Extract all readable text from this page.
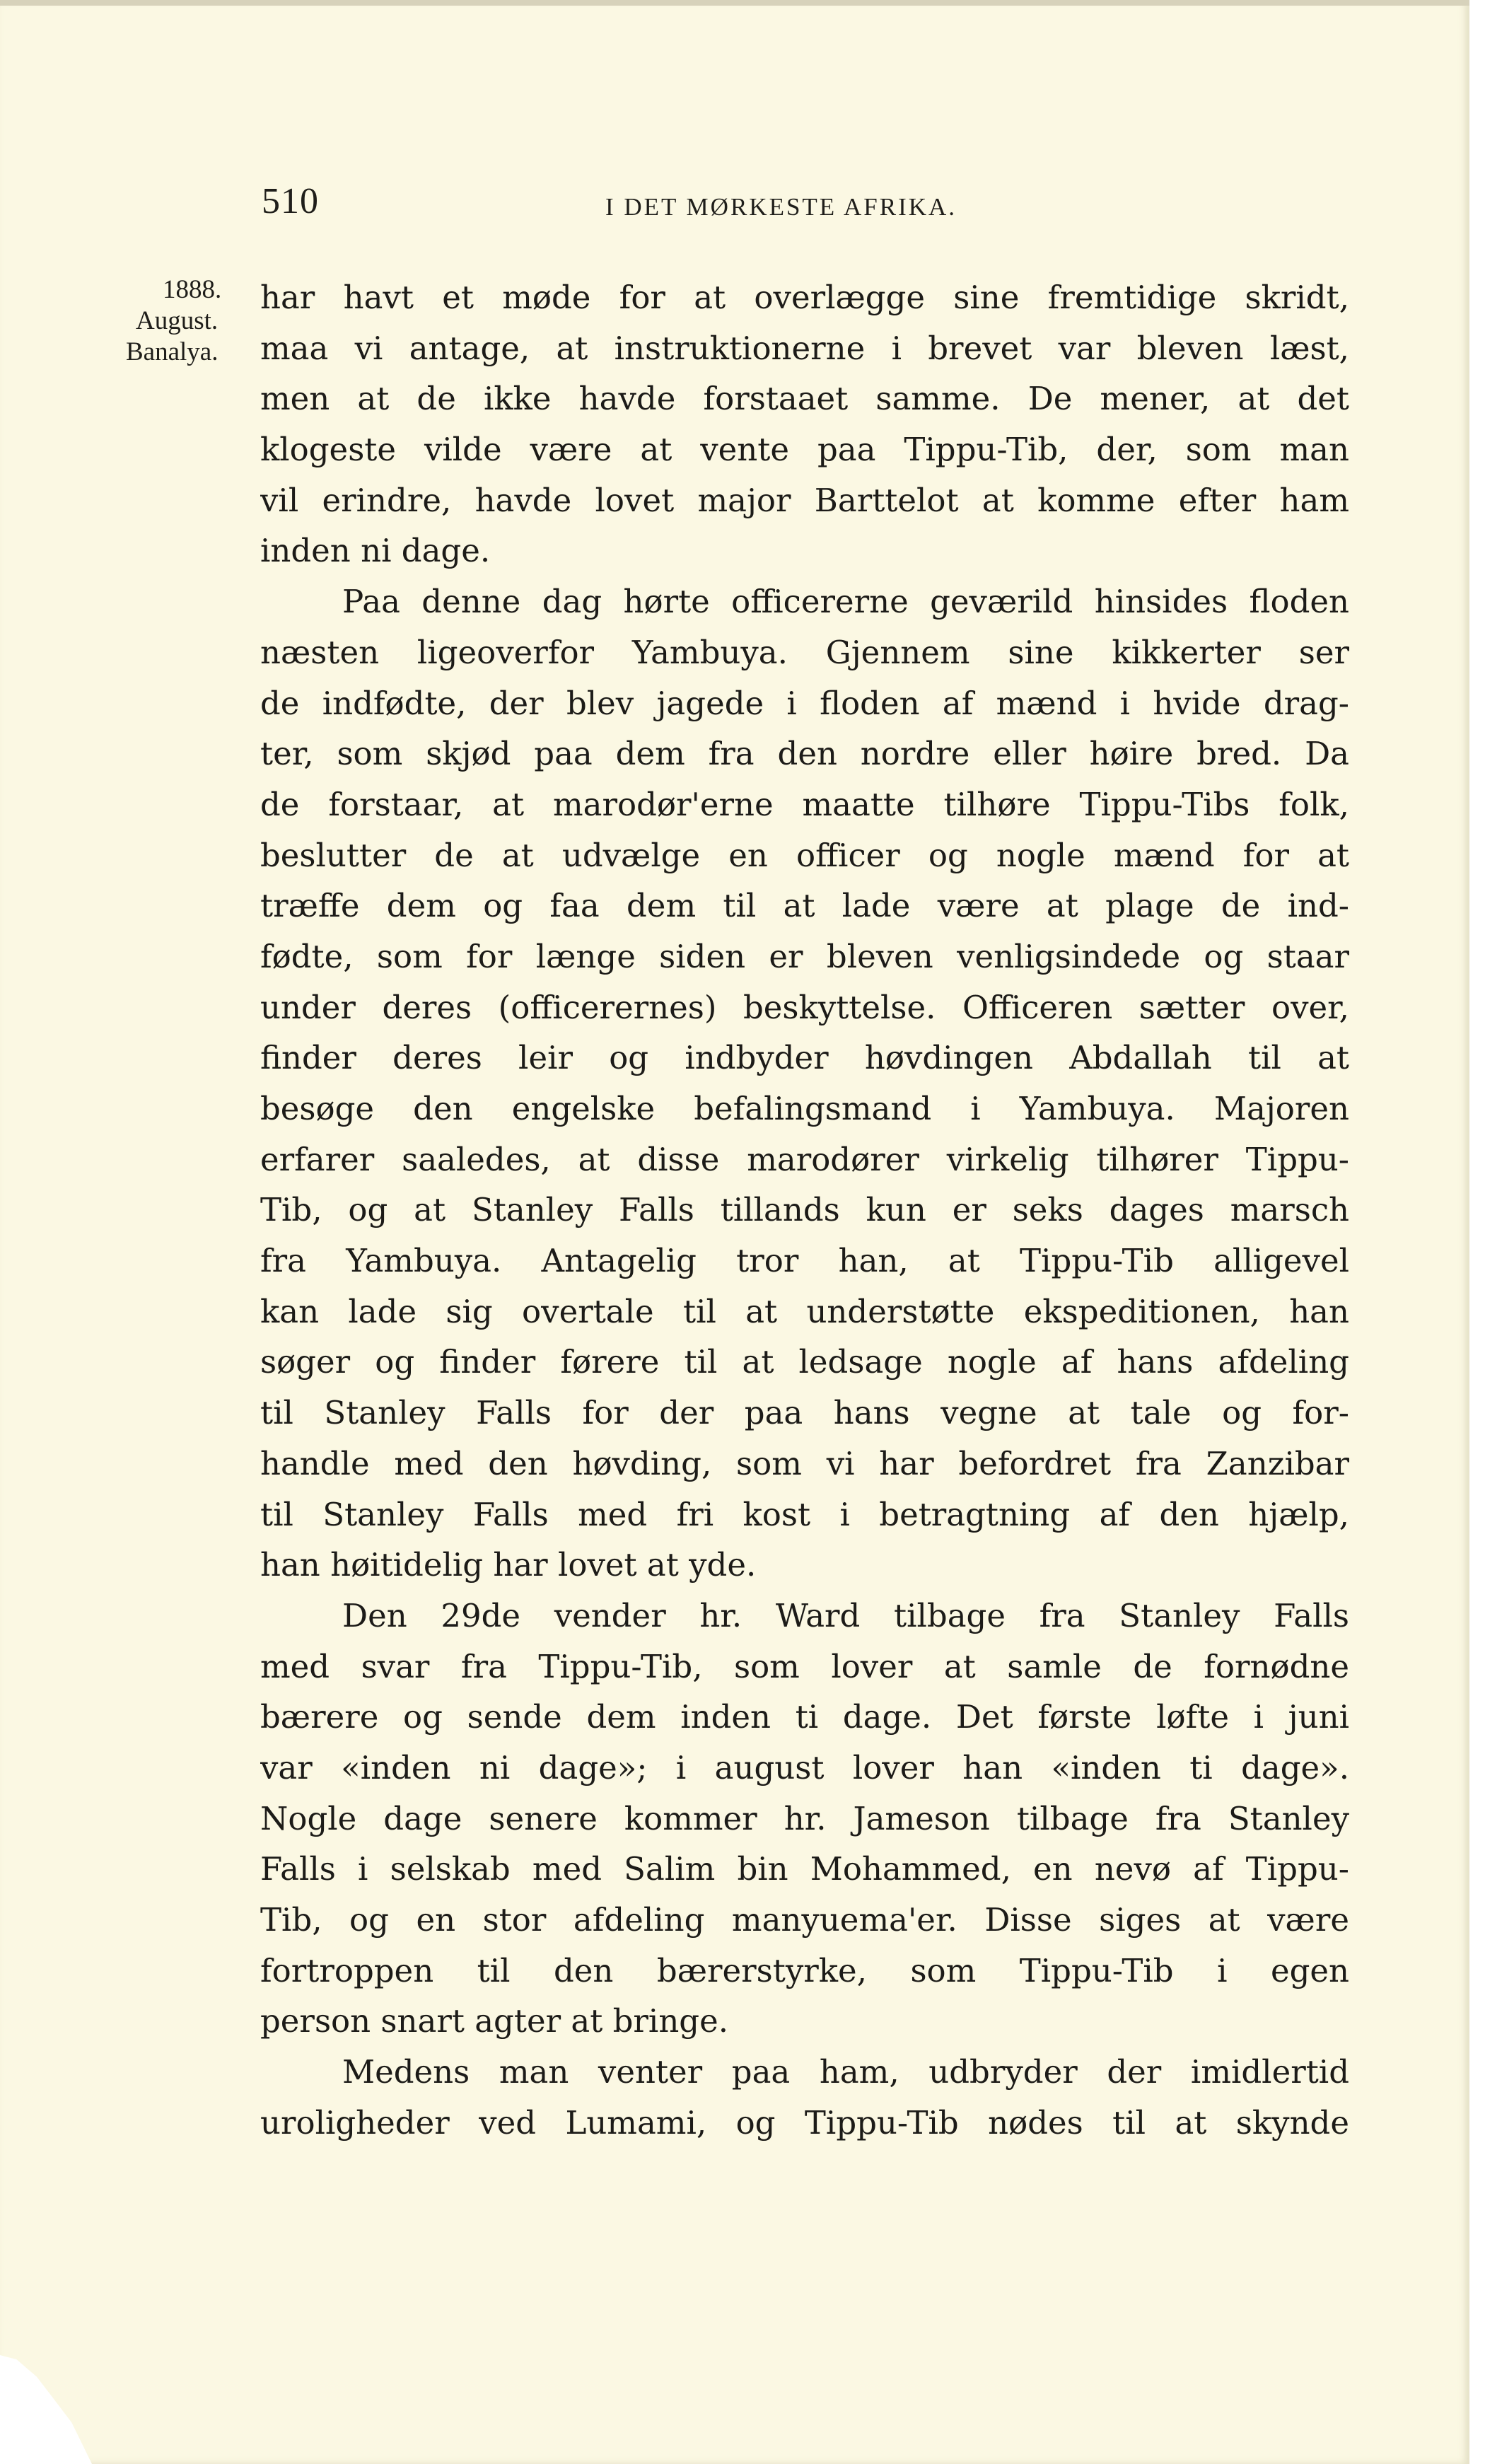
510	I DET MØRKESTE AFRIKA.
1888.
August.
Banalya.
har havt et møde for at overlægge sine fremtidige skridt,
maa vi antage, at instruktionerne i brevet var bleven læst,
men at de ikke havde forstaaet samme. De mener, at det
klogeste vilde være at vente paa Tippu-Tib, der, som man
vil erindre, havde lovet major Barttelot at komme efter ham
inden ni dage.
Paa denne dag hørte officererne geværild hinsides floden
næsten ligeoverfor Yambuya. Gjennem sine kikkerter ser
de indfødte, der blev jagede i floden af mænd i hvide drag-
ter, som skjød paa dem fra den nordre eller høire bred. Da
de forstaar, at marodør'erne maatte tilhøre Tippu-Tibs folk,
beslutter de at udvælge en officer og nogle mænd for at
træffe dem og faa dem til at lade være at plage de ind-
fødte, som for længe siden er bleven venligsindede og staar
under deres (officerernes) beskyttelse. Officeren sætter over,
finder deres leir og indbyder høvdingen Abdallah til at
besøge den engelske befalingsmand i Yambuya. Majoren
erfarer saaledes, at disse marodører virkelig tilhører Tippu-
Tib, og at Stanley Falls tillands kun er seks dages marsch
fra Yambuya. Antagelig tror han, at Tippu-Tib alligevel
kan lade sig overtale til at understøtte ekspeditionen, han
søger og finder førere til at ledsage nogle af hans afdeling
til Stanley Falls for der paa hans vegne at tale og for-
handle med den høvding, som vi har befordret fra Zanzibar
til Stanley Falls med fri kost i betragtning af den hjælp,
han høitidelig har lovet at yde.
Den 29de vender hr. Ward tilbage fra Stanley Falls
med svar fra Tippu-Tib, som lover at samle de fornødne
bærere og sende dem inden ti dage. Det første løfte i juni
var «inden ni dage»; i august lover han «inden ti dage».
Nogle dage senere kommer hr. Jameson tilbage fra Stanley
Falls i selskab med Salim bin Mohammed, en nevø af Tippu-
Tib, og en stor afdeling manyuema'er. Disse siges at være
fortroppen til den bærerstyrke, som Tippu-Tib i egen
person snart agter at bringe.
Medens man venter paa ham, udbryder der imidlertid
uroligheder ved Lumami, og Tippu-Tib nødes til at skynde
